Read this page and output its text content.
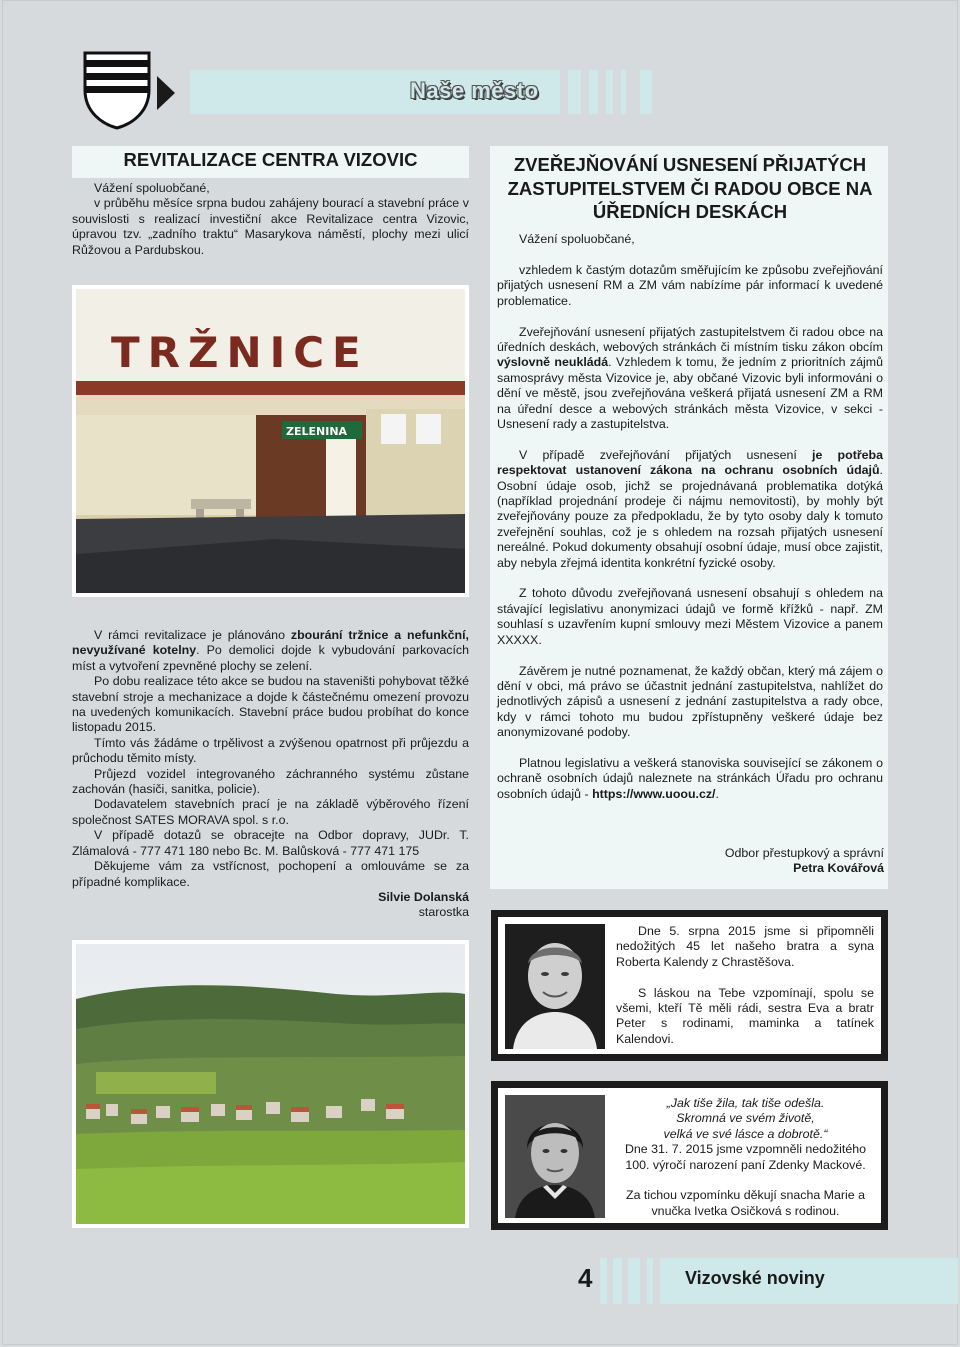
Naše město
REVITALIZACE CENTRA VIZOVIC

Vážení spoluobčané,

v průběhu měsíce srpna budou zahájeny bourací a stavební práce v souvislosti s realizací investiční akce Revitalizace centra Vizovic, úpravou tzv. „zadního traktu“ Masarykova náměstí, plochy mezi ulicí Růžovou a Pardubskou.

TRŽNICE
ZELENINA

V rámci revitalizace je plánováno zbourání tržnice a nefunkční, nevyužívané kotelny. Po demolici dojde k vybudování parkovacích míst a vytvoření zpevněné plochy se zelení.

Po dobu realizace této akce se budou na staveništi pohybovat těžké stavební stroje a mechanizace a dojde k částečnému omezení provozu na uvedených komunikacích. Stavební práce budou probíhat do konce listopadu 2015.

Tímto vás žádáme o trpělivost a zvýšenou opatrnost při průjezdu a průchodu těmito místy.

Průjezd vozidel integrovaného záchranného systému zůstane zachován (hasiči, sanitka, policie).

Dodavatelem stavebních prací je na základě výběrového řízení společnost SATES MORAVA spol. s r.o.

V případě dotazů se obracejte na Odbor dopravy, JUDr. T. Zlámalová - 777 471 180 nebo Bc. M. Balůsková - 777 471 175

Děkujeme vám za vstřícnost, pochopení a omlouváme se za případné komplikace.

Silvie Dolanská
starostka
ZVEŘEJŇOVÁNÍ USNESENÍ PŘIJATÝCH ZASTUPITELSTVEM ČI RADOU OBCE NA ÚŘEDNÍCH DESKÁCH

Vážení spoluobčané,

vzhledem k častým dotazům směřujícím ke způsobu zveřejňování přijatých usnesení RM a ZM vám nabízíme pár informací k uvedené problematice.

Zveřejňování usnesení přijatých zastupitelstvem či radou obce na úředních deskách, webových stránkách či místním tisku zákon obcím výslovně neukládá. Vzhledem k tomu, že jedním z prioritních zájmů samosprávy města Vizovice je, aby občané Vizovic byli informováni o dění ve městě, jsou zveřejňována veškerá přijatá usnesení ZM a RM na úřední desce a webových stránkách města Vizovice, v sekci - Usnesení rady a zastupitelstva.

V případě zveřejňování přijatých usnesení je potřeba respektovat ustanovení zákona na ochranu osobních údajů. Osobní údaje osob, jichž se projednávaná problematika dotýká (například projednání prodeje či nájmu nemovitosti), by mohly být zveřejňovány pouze za předpokladu, že by tyto osoby daly k tomuto zveřejnění souhlas, což je s ohledem na rozsah přijatých usnesení nereálné. Pokud dokumenty obsahují osobní údaje, musí obce zajistit, aby nebyla zřejmá identita konkrétní fyzické osoby.

Z tohoto důvodu zveřejňovaná usnesení obsahují s ohledem na stávající legislativu anonymizaci údajů ve formě křížků - např. ZM souhlasí s uzavřením kupní smlouvy mezi Městem Vizovice a panem XXXXX.

Závěrem je nutné poznamenat, že každý občan, který má zájem o dění v obci, má právo se účastnit jednání zastupitelstva, nahlížet do jednotlivých zápisů a usnesení z jednání zastupitelstva a rady obce, kdy v rámci tohoto mu budou zpřístupněny veškeré údaje bez anonymizované podoby.

Platnou legislativu a veškerá stanoviska související se zákonem o ochraně osobních údajů naleznete na stránkách Úřadu pro ochranu osobních údajů - https://www.uoou.cz/.

Odbor přestupkový a správní
Petra Kovářová

Dne 5. srpna 2015 jsme si připomněli nedožitých 45 let našeho bratra a syna Roberta Kalendy z Chrastěšova.

S láskou na Tebe vzpomínají, spolu se všemi, kteří Tě měli rádi, sestra Eva a bratr Peter s rodinami, maminka a tatínek Kalendovi.

„Jak tiše žila, tak tiše odešla.

Skromná ve svém životě,

velká ve své lásce a dobrotě.“

Dne 31. 7. 2015 jsme vzpomněli nedožitého 100. výročí narození paní Zdenky Mackové.

Za tichou vzpomínku děkují snacha Marie a vnučka Ivetka Osičková s rodinou.

4	Vizovské noviny
